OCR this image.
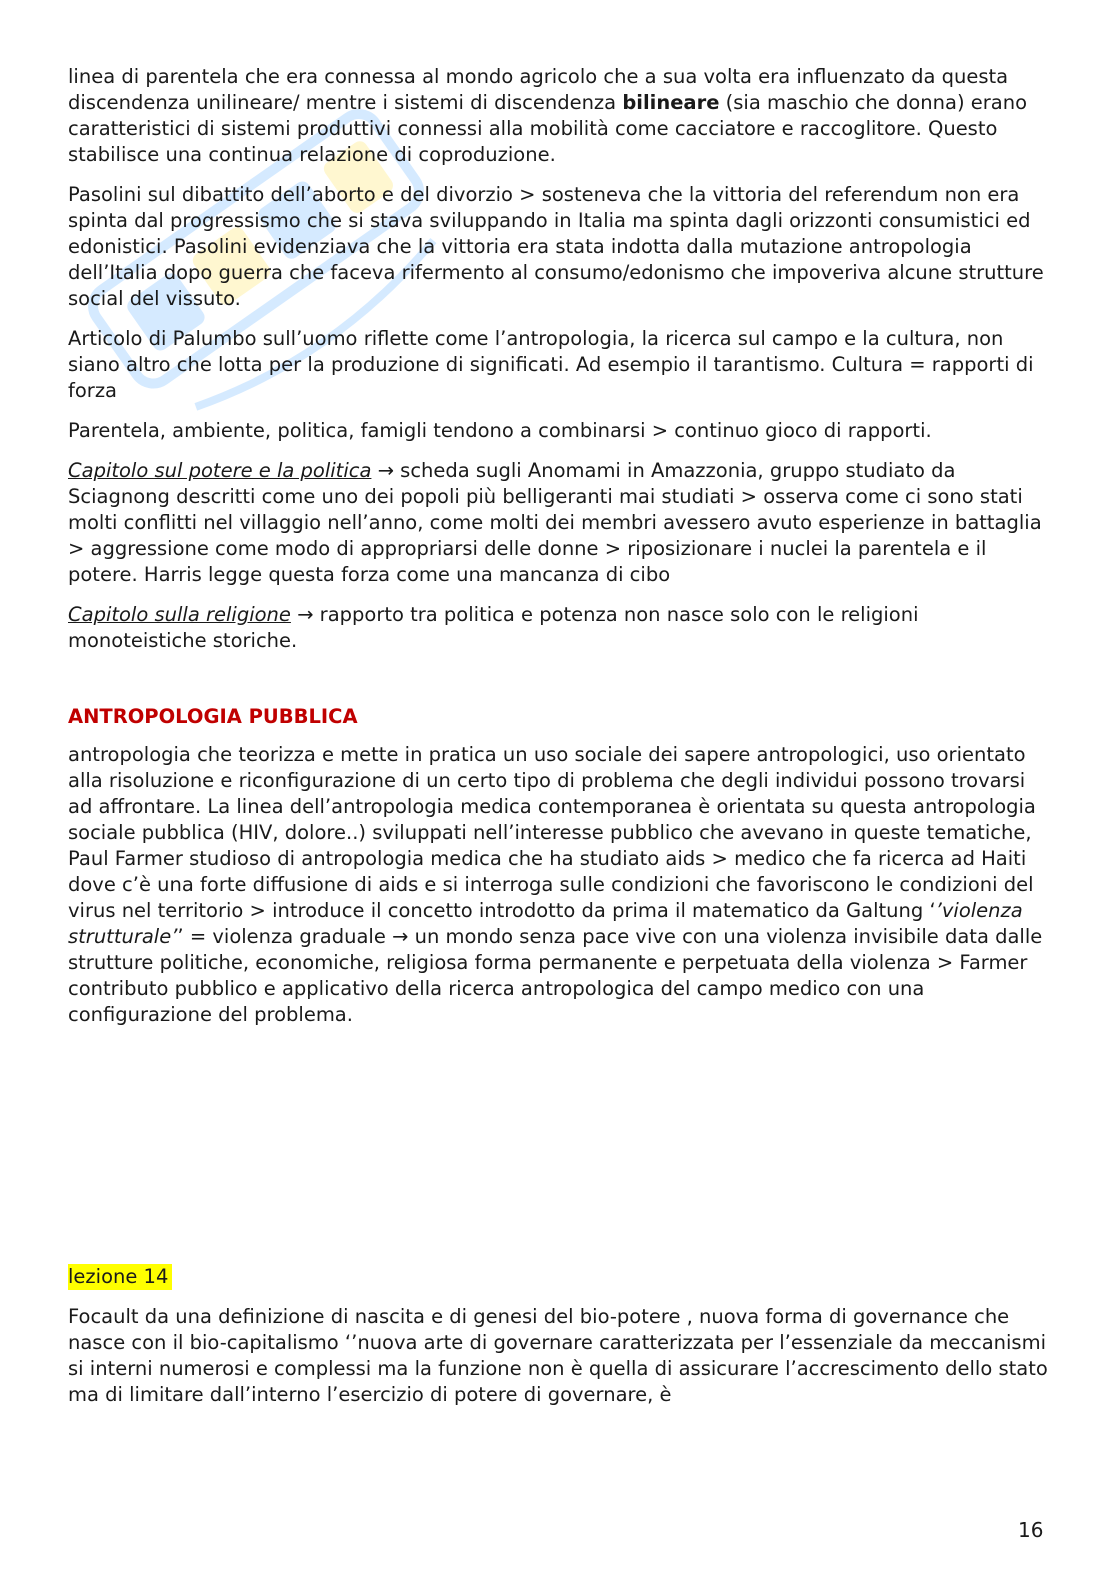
linea di parentela che era connessa al mondo agricolo che a sua volta era influenzato da questa discendenza unilineare/ mentre i sistemi di discendenza bilineare (sia maschio che donna) erano caratteristici di sistemi produttivi connessi alla mobilità come cacciatore e raccoglitore. Questo stabilisce una continua relazione di coproduzione.

Pasolini sul dibattito dell’aborto e del divorzio > sosteneva che la vittoria del referendum non era spinta dal progressismo che si stava sviluppando in Italia ma spinta dagli orizzonti consumistici ed edonistici. Pasolini evidenziava che la vittoria era stata indotta dalla mutazione antropologia dell’Italia dopo guerra che faceva rifermento al consumo/edonismo che impoveriva alcune strutture social del vissuto.

Articolo di Palumbo sull’uomo riflette come l’antropologia, la ricerca sul campo e la cultura, non siano altro che lotta per la produzione di significati. Ad esempio il tarantismo. Cultura = rapporti di forza

Parentela, ambiente, politica, famigli tendono a combinarsi > continuo gioco di rapporti.

Capitolo sul potere e la politica → scheda sugli Anomami in Amazzonia, gruppo studiato da Sciagnong descritti come uno dei popoli più belligeranti mai studiati > osserva come ci sono stati molti conflitti nel villaggio nell’anno, come molti dei membri avessero avuto esperienze in battaglia > aggressione come modo di appropriarsi delle donne > riposizionare i nuclei la parentela e il potere. Harris legge questa forza come una mancanza di cibo

Capitolo sulla religione → rapporto tra politica e potenza non nasce solo con le religioni monoteistiche storiche.

ANTROPOLOGIA PUBBLICA

antropologia che teorizza e mette in pratica un uso sociale dei sapere antropologici, uso orientato alla risoluzione e riconfigurazione di un certo tipo di problema che degli individui possono trovarsi ad affrontare. La linea dell’antropologia medica contemporanea è orientata su questa antropologia sociale pubblica (HIV, dolore..) sviluppati nell’interesse pubblico che avevano in queste tematiche, Paul Farmer studioso di antropologia medica che ha studiato aids > medico che fa ricerca ad Haiti dove c’è una forte diffusione di aids e si interroga sulle condizioni che favoriscono le condizioni del virus nel territorio > introduce il concetto introdotto da prima il matematico da Galtung ‘’violenza strutturale’’ = violenza graduale → un mondo senza pace vive con una violenza invisibile data dalle strutture politiche, economiche, religiosa forma permanente e perpetuata della violenza > Farmer contributo pubblico e applicativo della ricerca antropologica del campo medico con una configurazione del problema.

lezione 14

Focault da una definizione di nascita e di genesi del bio-potere , nuova forma di governance che nasce con il bio-capitalismo ‘’nuova arte di governare caratterizzata per l’essenziale da meccanismi si interni numerosi e complessi ma la funzione non è quella di assicurare l’accrescimento dello stato ma di limitare dall’interno l’esercizio di potere di governare, è

16
